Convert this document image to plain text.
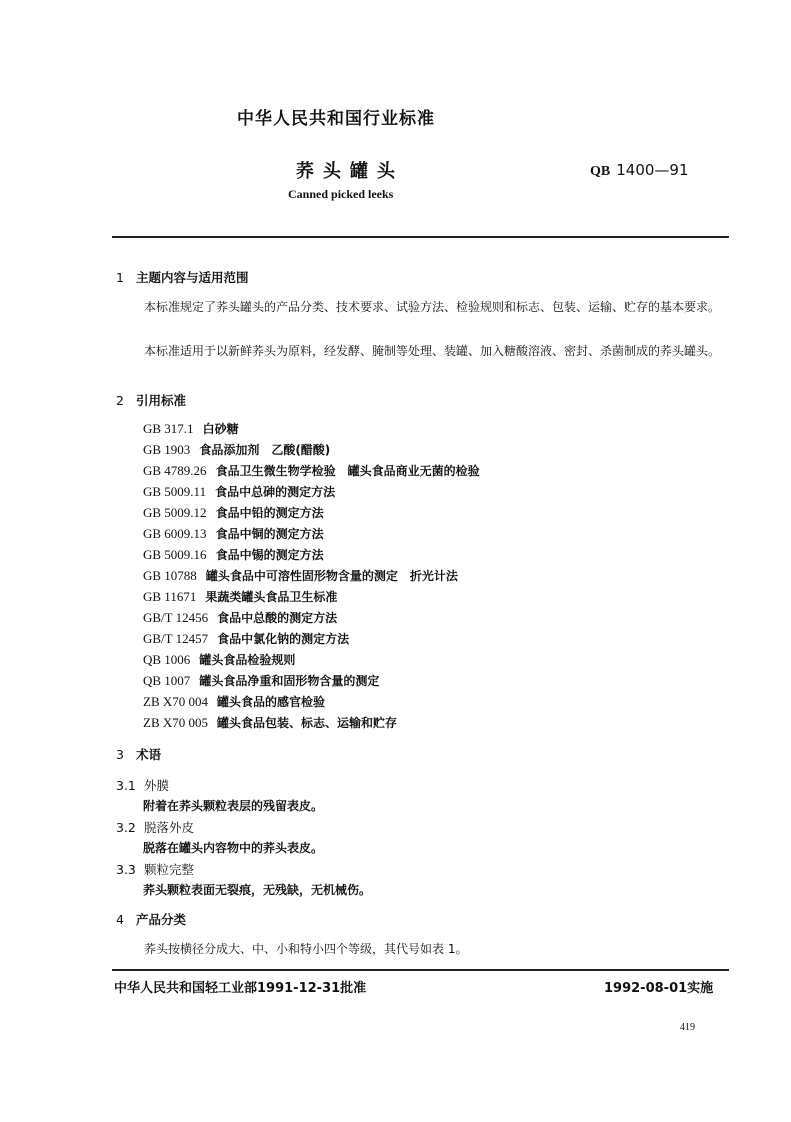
中华人民共和国行业标准
荞头罐头	QB 1400—91
Canned picked leeks
1 主题内容与适用范围
本标准规定了荞头罐头的产品分类、技术要求、试验方法、检验规则和标志、包装、运输、贮存的基本要求。
本标准适用于以新鲜荞头为原料，经发酵、腌制等处理、装罐、加入糖酸溶液、密封、杀菌制成的荞头罐头。
2 引用标准
GB 317.1 白砂糖
GB 1903 食品添加剂　乙酸(醋酸)
GB 4789.26 食品卫生微生物学检验　罐头食品商业无菌的检验
GB 5009.11 食品中总砷的测定方法
GB 5009.12 食品中铅的测定方法
GB 6009.13 食品中铜的测定方法
GB 5009.16 食品中锡的测定方法
GB 10788 罐头食品中可溶性固形物含量的测定　折光计法
GB 11671 果蔬类罐头食品卫生标准
GB/T 12456 食品中总酸的测定方法
GB/T 12457 食品中氯化钠的测定方法
QB 1006 罐头食品检验规则
QB 1007 罐头食品净重和固形物含量的测定
ZB X70 004 罐头食品的感官检验
ZB X70 005 罐头食品包装、标志、运输和贮存
3 术语
3.1 外膜
附着在荞头颗粒表层的残留表皮。
3.2 脱落外皮
脱落在罐头内容物中的荞头表皮。
3.3 颗粒完整
荞头颗粒表面无裂痕，无残缺，无机械伤。
4 产品分类
荞头按横径分成大、中、小和特小四个等级，其代号如表 1。
中华人民共和国轻工业部1991-12-31批准	1992-08-01实施
419
